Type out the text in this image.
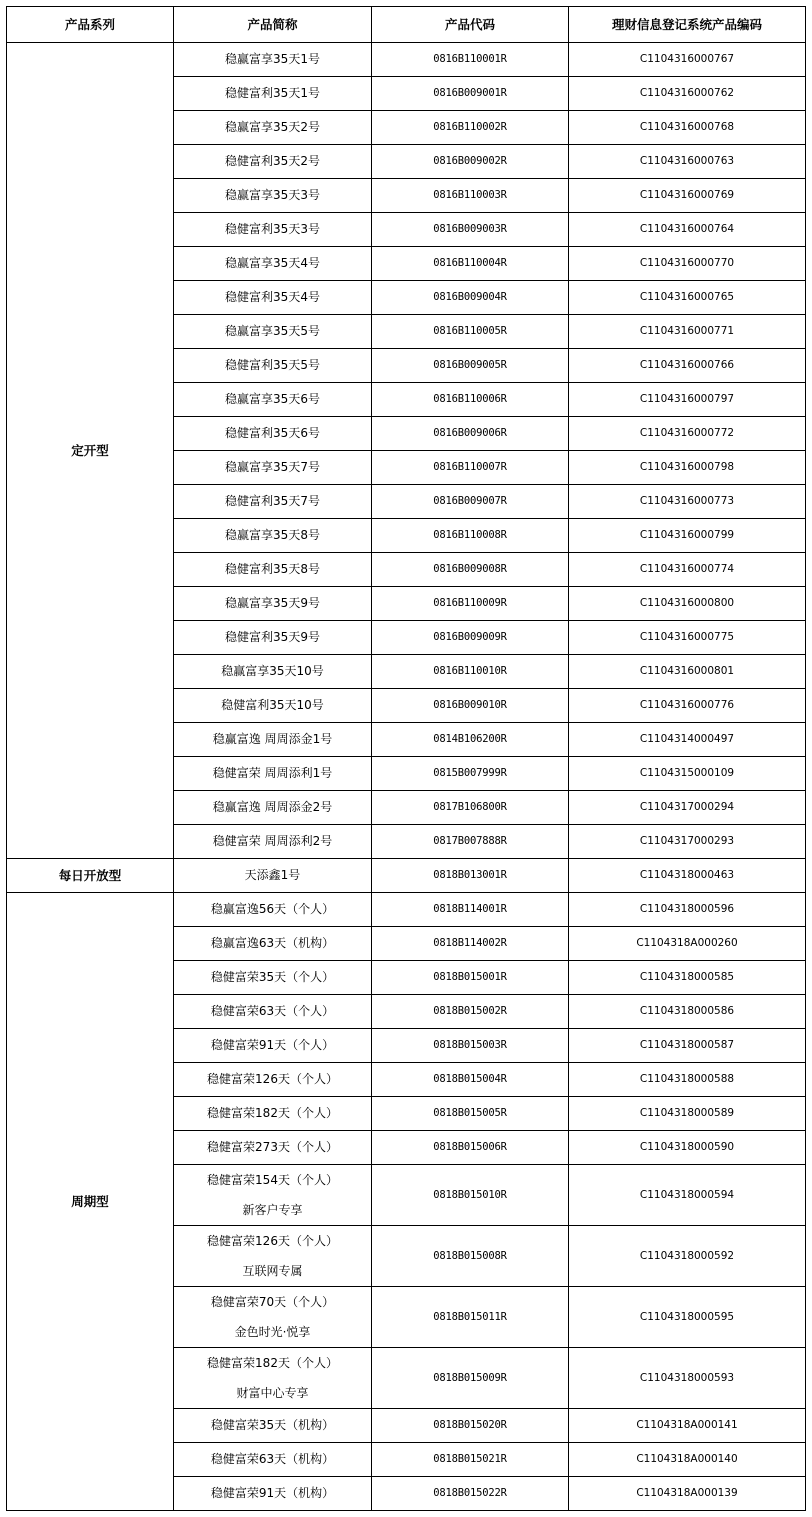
产品系列	产品简称	产品代码	理财信息登记系统产品编码
定开型	稳赢富享35天1号	0816B110001R	C1104316000767

	稳健富利35天1号	0816B009001R	C1104316000762

	稳赢富享35天2号	0816B110002R	C1104316000768

	稳健富利35天2号	0816B009002R	C1104316000763

	稳赢富享35天3号	0816B110003R	C1104316000769

	稳健富利35天3号	0816B009003R	C1104316000764

	稳赢富享35天4号	0816B110004R	C1104316000770

	稳健富利35天4号	0816B009004R	C1104316000765

	稳赢富享35天5号	0816B110005R	C1104316000771

	稳健富利35天5号	0816B009005R	C1104316000766

	稳赢富享35天6号	0816B110006R	C1104316000797

	稳健富利35天6号	0816B009006R	C1104316000772

	稳赢富享35天7号	0816B110007R	C1104316000798

	稳健富利35天7号	0816B009007R	C1104316000773

	稳赢富享35天8号	0816B110008R	C1104316000799

	稳健富利35天8号	0816B009008R	C1104316000774

	稳赢富享35天9号	0816B110009R	C1104316000800

	稳健富利35天9号	0816B009009R	C1104316000775

	稳赢富享35天10号	0816B110010R	C1104316000801

	稳健富利35天10号	0816B009010R	C1104316000776

	稳赢富逸 周周添金1号	0814B106200R	C1104314000497

	稳健富荣 周周添利1号	0815B007999R	C1104315000109

	稳赢富逸 周周添金2号	0817B106800R	C1104317000294

	稳健富荣 周周添利2号	0817B007888R	C1104317000293
每日开放型	天添鑫1号	0818B013001R	C1104318000463
周期型	稳赢富逸56天（个人）	0818B114001R	C1104318000596

	稳赢富逸63天（机构）	0818B114002R	C1104318A000260

	稳健富荣35天（个人）	0818B015001R	C1104318000585

	稳健富荣63天（个人）	0818B015002R	C1104318000586

	稳健富荣91天（个人）	0818B015003R	C1104318000587

	稳健富荣126天（个人）	0818B015004R	C1104318000588

	稳健富荣182天（个人）	0818B015005R	C1104318000589

	稳健富荣273天（个人）	0818B015006R	C1104318000590

	稳健富荣154天（个人）
新客户专享	0818B015010R	C1104318000594

	稳健富荣126天（个人）
互联网专属	0818B015008R	C1104318000592

	稳健富荣70天（个人）
金色时光·悦享	0818B015011R	C1104318000595

	稳健富荣182天（个人）
财富中心专享	0818B015009R	C1104318000593

	稳健富荣35天（机构）	0818B015020R	C1104318A000141

	稳健富荣63天（机构）	0818B015021R	C1104318A000140

	稳健富荣91天（机构）	0818B015022R	C1104318A000139
